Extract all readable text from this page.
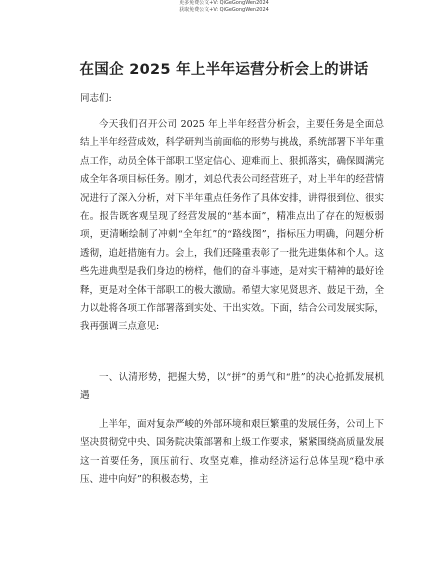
更多免费公文+V: QiGeGongWen2024
获取免费公文+V: QiGeGongWen2024
在国企 2025 年上半年运营分析会上的讲话
同志们:
今天我们召开公司 2025 年上半年经营分析会，主要任务是全面总结上半年经营成效，科学研判当前面临的形势与挑战，系统部署下半年重点工作，动员全体干部职工坚定信心、迎难而上、狠抓落实，确保圆满完成全年各项目标任务。刚才，刘总代表公司经营班子，对上半年的经营情况进行了深入分析，对下半年重点任务作了具体安排，讲得很到位、很实在。报告既客观呈现了经营发展的“基本面”，精准点出了存在的短板弱项，更清晰绘制了冲刺“全年红”的“路线图”，指标压力明确，问题分析透彻，追赶措施有力。会上，我们还隆重表彰了一批先进集体和个人。这些先进典型是我们身边的榜样，他们的奋斗事迹，是对实干精神的最好诠释，更是对全体干部职工的极大激励。希望大家见贤思齐、鼓足干劲，全力以赴将各项工作部署落到实处、干出实效。下面，结合公司发展实际，我再强调三点意见:
一、认清形势，把握大势，以“拼”的勇气和“胜”的决心抢抓发展机遇
上半年，面对复杂严峻的外部环境和艰巨繁重的发展任务，公司上下坚决贯彻党中央、国务院决策部署和上级工作要求，紧紧围绕高质量发展这一首要任务，顶压前行、攻坚克难，推动经济运行总体呈现“稳中承压、进中向好”的积极态势，主
